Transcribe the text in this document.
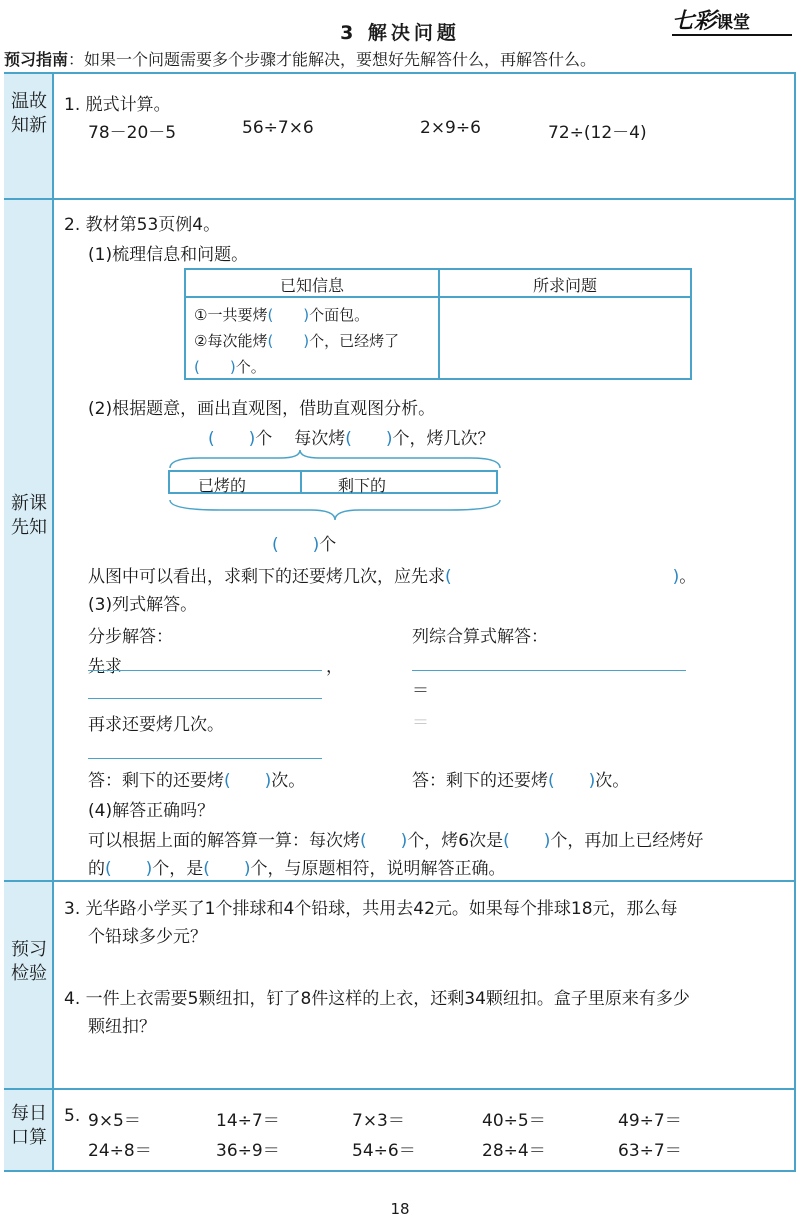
3 解决问题	七彩课堂
预习指南：如果一个问题需要多个步骤才能解决，要想好先解答什么，再解答什么。
温故知新
新课先知
预习检验
每日口算
1. 脱式计算。
78－20－5	56÷7×6	2×9÷6	72÷(12－4)
2. 教材第53页例4。
(1)梳理信息和问题。
已知信息	所求问题
①一共要烤(　　)个面包。
②每次能烤(　　)个，已经烤了
(　　)个。
(2)根据题意，画出直观图，借助直观图分析。
(　　)个 每次烤(　　)个，烤几次？
已烤的	剩下的
(　　)个
从图中可以看出，求剩下的还要烤几次，应先求(　　　　　　　　　　　　　)。
(3)列式解答。
分步解答：	列综合算式解答：
先求	，
＝
再求还要烤几次。	＝
答：剩下的还要烤(　　)次。	答：剩下的还要烤(　　)次。
(4)解答正确吗？
可以根据上面的解答算一算：每次烤(　　)个，烤6次是(　　)个，再加上已经烤好
的(　　)个，是(　　)个，与原题相符，说明解答正确。
3. 光华路小学买了1个排球和4个铅球，共用去42元。如果每个排球18元，那么每
个铅球多少元？
4. 一件上衣需要5颗纽扣，钉了8件这样的上衣，还剩34颗纽扣。盒子里原来有多少
颗纽扣？
5. 9×5＝	14÷7＝	7×3＝	40÷5＝	49÷7＝
24÷8＝	36÷9＝	54÷6＝	28÷4＝	63÷7＝
18
